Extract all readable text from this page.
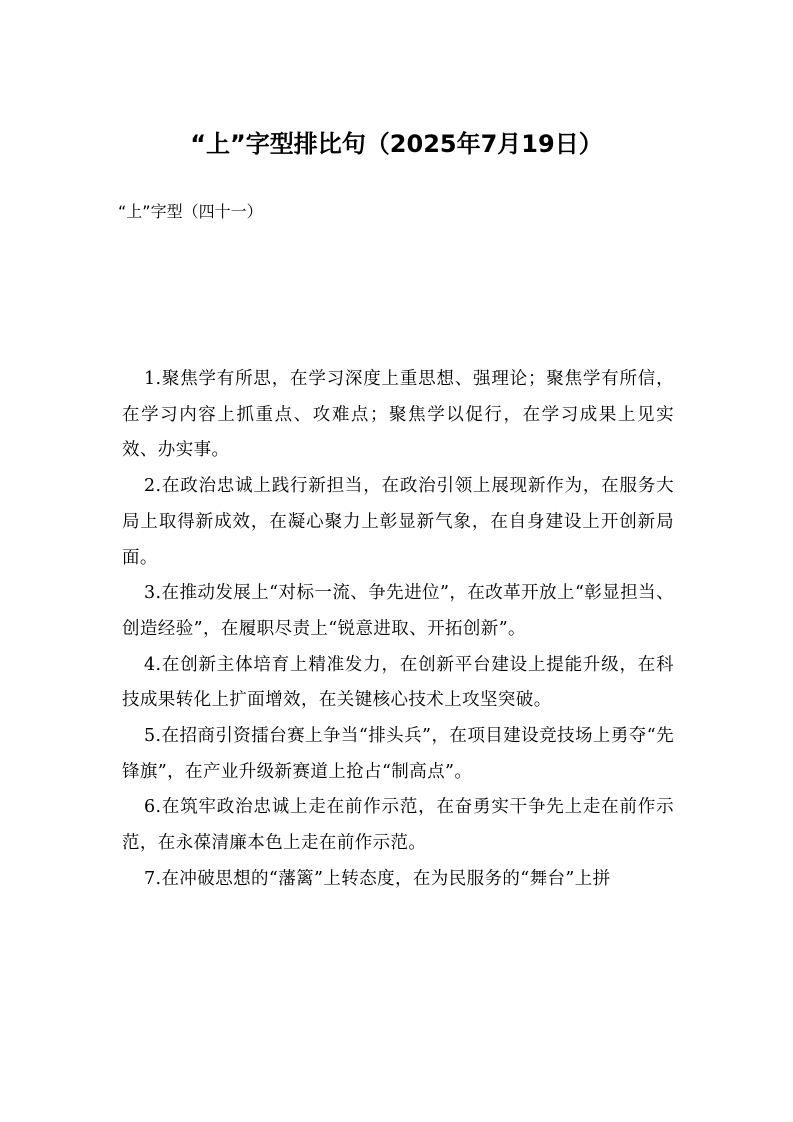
“上”字型排比句（2025年7月19日）

“上”字型（四十一）

1.聚焦学有所思，在学习深度上重思想、强理论；聚焦学有所信，在学习内容上抓重点、攻难点；聚焦学以促行，在学习成果上见实效、办实事。

2.在政治忠诚上践行新担当，在政治引领上展现新作为，在服务大局上取得新成效，在凝心聚力上彰显新气象，在自身建设上开创新局面。

3.在推动发展上“对标一流、争先进位”，在改革开放上“彰显担当、创造经验”，在履职尽责上“锐意进取、开拓创新”。

4.在创新主体培育上精准发力，在创新平台建设上提能升级，在科技成果转化上扩面增效，在关键核心技术上攻坚突破。

5.在招商引资擂台赛上争当“排头兵”，在项目建设竞技场上勇夺“先锋旗”，在产业升级新赛道上抢占“制高点”。

6.在筑牢政治忠诚上走在前作示范，在奋勇实干争先上走在前作示范，在永葆清廉本色上走在前作示范。

7.在冲破思想的“藩篱”上转态度，在为民服务的“舞台”上拼
